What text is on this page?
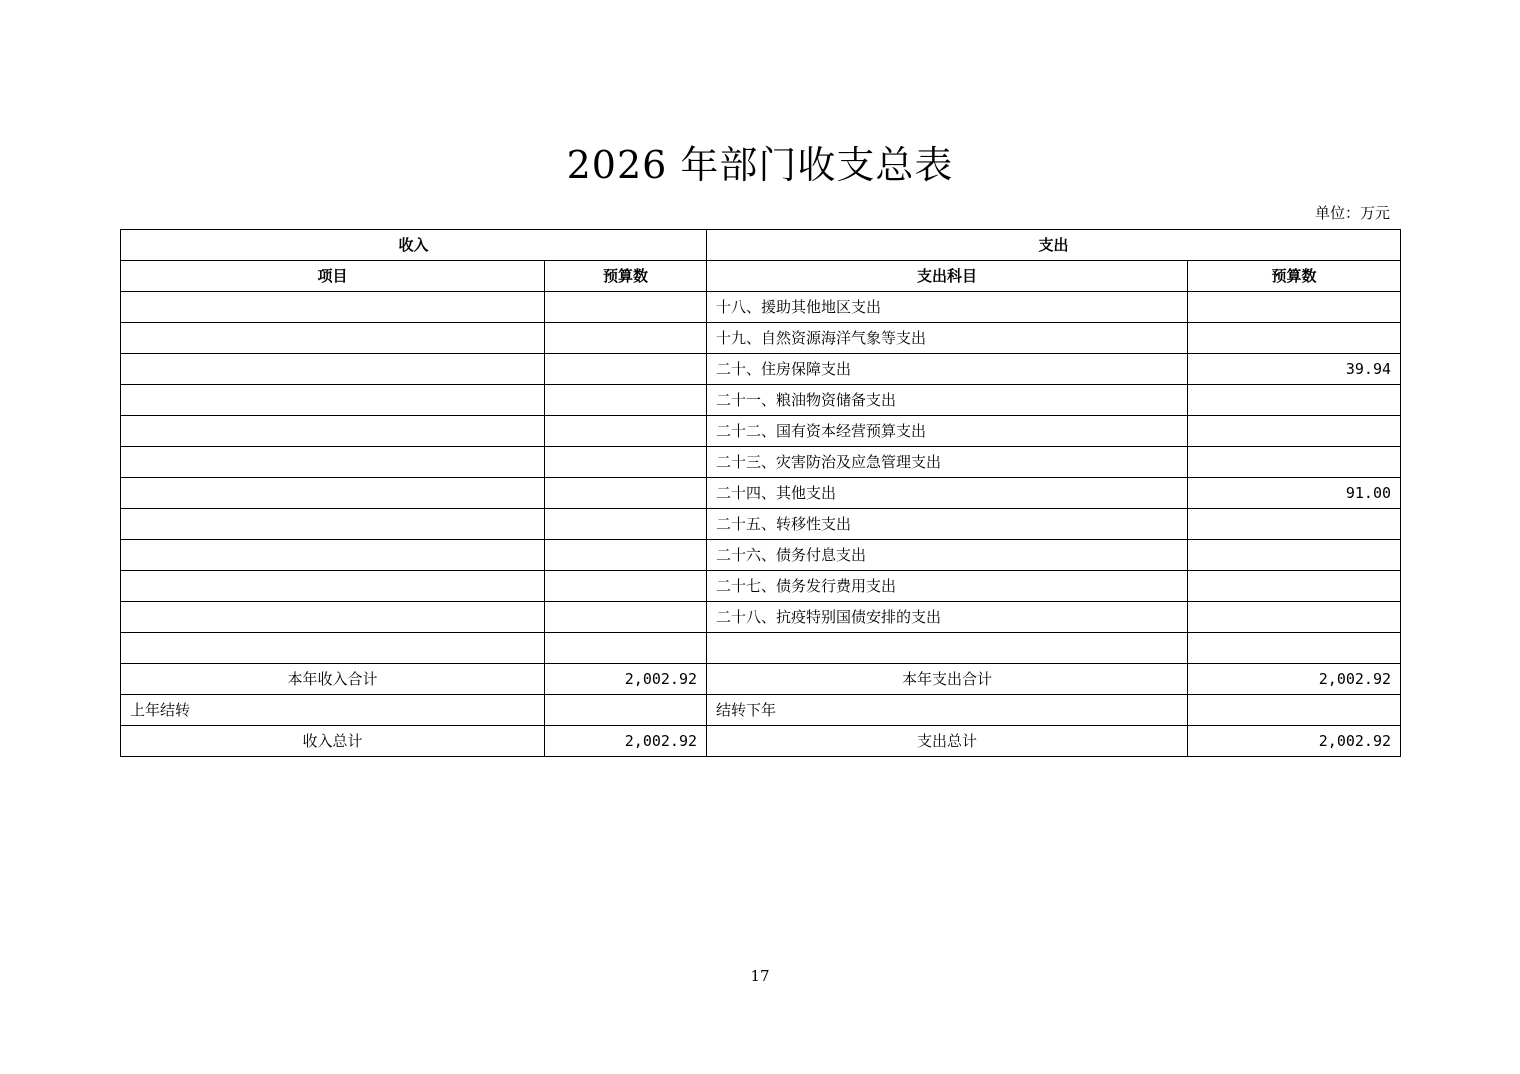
2026 年部门收支总表
单位：万元
收入		支出	
项目	预算数	支出科目	预算数
		十八、援助其他地区支出	
		十九、自然资源海洋气象等支出	
		二十、住房保障支出	39.94
		二十一、粮油物资储备支出	
		二十二、国有资本经营预算支出	
		二十三、灾害防治及应急管理支出	
		二十四、其他支出	91.00
		二十五、转移性支出	
		二十六、债务付息支出	
		二十七、债务发行费用支出	
		二十八、抗疫特别国债安排的支出	

本年收入合计	2,002.92	本年支出合计	2,002.92
上年结转		结转下年	
收入总计	2,002.92	支出总计	2,002.92
17
